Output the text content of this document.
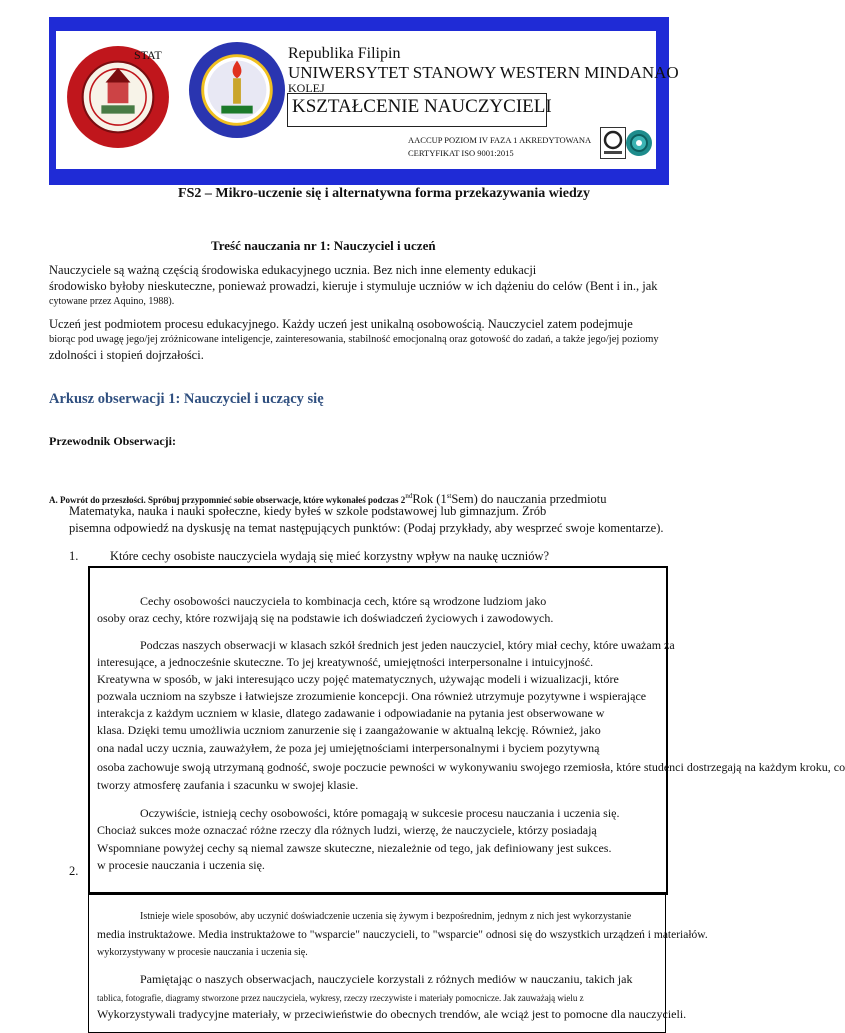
STAT	Republika Filipin
UNIWERSYTET STANOWY WESTERN MINDANAO
KOLEJ
KSZTAŁCENIE NAUCZYCIELI
AACCUP POZIOM IV FAZA 1 AKREDYTOWANA
CERTYFIKAT ISO 9001:2015
FS2 – Mikro-uczenie się i alternatywna forma przekazywania wiedzy
Treść nauczania nr 1: Nauczyciel i uczeń
Nauczyciele są ważną częścią środowiska edukacyjnego ucznia. Bez nich inne elementy edukacji
środowisko byłoby nieskuteczne, ponieważ prowadzi, kieruje i stymuluje uczniów w ich dążeniu do celów (Bent i in., jak
cytowane przez Aquino, 1988).
Uczeń jest podmiotem procesu edukacyjnego. Każdy uczeń jest unikalną osobowością. Nauczyciel zatem podejmuje
biorąc pod uwagę jego/jej zróżnicowane inteligencje, zainteresowania, stabilność emocjonalną oraz gotowość do zadań, a także jego/jej poziomy
zdolności i stopień dojrzałości.
Arkusz obserwacji 1: Nauczyciel i uczący się
Przewodnik Obserwacji:
A. Powrót do przeszłości. Spróbuj przypomnieć sobie obserwacje, które wykonałeś podczas 2ndRok (1stSem) do nauczania przedmiotu
Matematyka, nauka i nauki społeczne, kiedy byłeś w szkole podstawowej lub gimnazjum. Zrób
pisemna odpowiedź na dyskusję na temat następujących punktów: (Podaj przykłady, aby wesprzeć swoje komentarze).
1.	Które cechy osobiste nauczyciela wydają się mieć korzystny wpływ na naukę uczniów?
Cechy osobowości nauczyciela to kombinacja cech, które są wrodzone ludziom jako
osoby oraz cechy, które rozwijają się na podstawie ich doświadczeń życiowych i zawodowych.
Podczas naszych obserwacji w klasach szkół średnich jest jeden nauczyciel, który miał cechy, które uważam za
interesujące, a jednocześnie skuteczne. To jej kreatywność, umiejętności interpersonalne i intuicyjność.
Kreatywna w sposób, w jaki interesująco uczy pojęć matematycznych, używając modeli i wizualizacji, które
pozwala uczniom na szybsze i łatwiejsze zrozumienie koncepcji. Ona również utrzymuje pozytywne i wspierające
interakcja z każdym uczniem w klasie, dlatego zadawanie i odpowiadanie na pytania jest obserwowane w
klasa. Dzięki temu umożliwia uczniom zanurzenie się i zaangażowanie w aktualną lekcję. Również, jako
ona nadal uczy ucznia, zauważyłem, że poza jej umiejętnościami interpersonalnymi i byciem pozytywną
osoba zachowuje swoją utrzymaną godność, swoje poczucie pewności w wykonywaniu swojego rzemiosła, które studenci dostrzegają na każdym kroku, co
tworzy atmosferę zaufania i szacunku w swojej klasie.
Oczywiście, istnieją cechy osobowości, które pomagają w sukcesie procesu nauczania i uczenia się.
Chociaż sukces może oznaczać różne rzeczy dla różnych ludzi, wierzę, że nauczyciele, którzy posiadają
Wspomniane powyżej cechy są niemal zawsze skuteczne, niezależnie od tego, jak definiowany jest sukces.
w procesie nauczania i uczenia się.
2.
Istnieje wiele sposobów, aby uczynić doświadczenie uczenia się żywym i bezpośrednim, jednym z nich jest wykorzystanie
media instruktażowe. Media instruktażowe to "wsparcie" nauczycieli, to "wsparcie" odnosi się do wszystkich urządzeń i materiałów.
wykorzystywany w procesie nauczania i uczenia się.
Pamiętając o naszych obserwacjach, nauczyciele korzystali z różnych mediów w nauczaniu, takich jak
tablica, fotografie, diagramy stworzone przez nauczyciela, wykresy, rzeczy rzeczywiste i materiały pomocnicze. Jak zauważają wielu z
Wykorzystywali tradycyjne materiały, w przeciwieństwie do obecnych trendów, ale wciąż jest to pomocne dla nauczycieli.
